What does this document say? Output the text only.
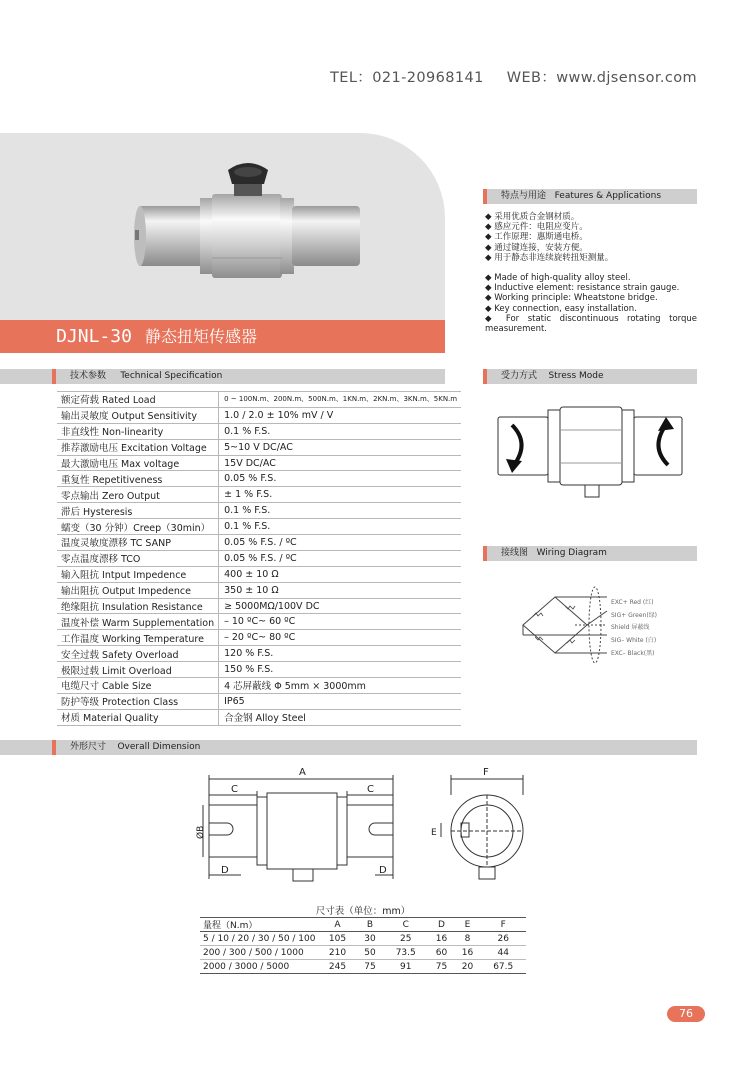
TEL：021-20968141 WEB：www.djsensor.com
DJNL-30 静态扭矩传感器
特点与用途 Features & Applications
◆ 采用优质合金钢材质。
◆ 感应元件：电阻应变片。
◆ 工作原理：惠斯通电桥。
◆ 通过键连接，安装方便。
◆ 用于静态非连续旋转扭矩测量。
◆ Made of high-quality alloy steel.
◆ Inductive element: resistance strain gauge.
◆ Working principle: Wheatstone bridge.
◆ Key connection, easy installation.
◆ For static discontinuous rotating torque measurement.
技术参数 Technical Specification
额定荷载 Rated Load	0 ~ 100N.m、200N.m、500N.m、1KN.m、2KN.m、3KN.m、5KN.m
输出灵敏度 Output Sensitivity	1.0 / 2.0 ± 10% mV / V
非直线性 Non-linearity	0.1 % F.S.
推荐激励电压 Excitation Voltage	5~10 V DC/AC
最大激励电压 Max voltage	15V DC/AC
重复性 Repetitiveness	0.05 % F.S.
零点输出 Zero Output	± 1 % F.S.
滞后 Hysteresis	0.1 % F.S.
蠕变（30 分钟）Creep（30min）	0.1 % F.S.
温度灵敏度漂移 TC SANP	0.05 % F.S. / ºC
零点温度漂移 TCO	0.05 % F.S. / ºC
输入阻抗 Intput Impedence	400 ± 10 Ω
输出阻抗 Output Impedence	350 ± 10 Ω
绝缘阻抗 Insulation Resistance	≥ 5000MΩ/100V DC
温度补偿 Warm Supplementation	– 10 ºC~ 60 ºC
工作温度 Working Temperature	– 20 ºC~ 80 ºC
安全过载 Safety Overload	120 % F.S.
极限过载 Limit Overload	150 % F.S.
电缆尺寸 Cable Size	4 芯屏蔽线 Φ 5mm × 3000mm
防护等级 Protection Class	IP65
材质 Material Quality	合金钢 Alloy Steel
受力方式 Stress Mode
接线图 Wiring Diagram
EXC+ Red (红)
SIG+ Green(绿)
Shield 屏蔽线
SIG– White (白)
EXC– Black(黑)
外形尺寸 Overall Dimension
A
C	C
ØB
D	D
F
E
尺寸表（单位：mm）
量程（N.m）	A	B	C	D	E	F
5 / 10 / 20 / 30 / 50 / 100	105	30	25	16	8	26
200 / 300 / 500 / 1000	210	50	73.5	60	16	44
2000 / 3000 / 5000	245	75	91	75	20	67.5
76
